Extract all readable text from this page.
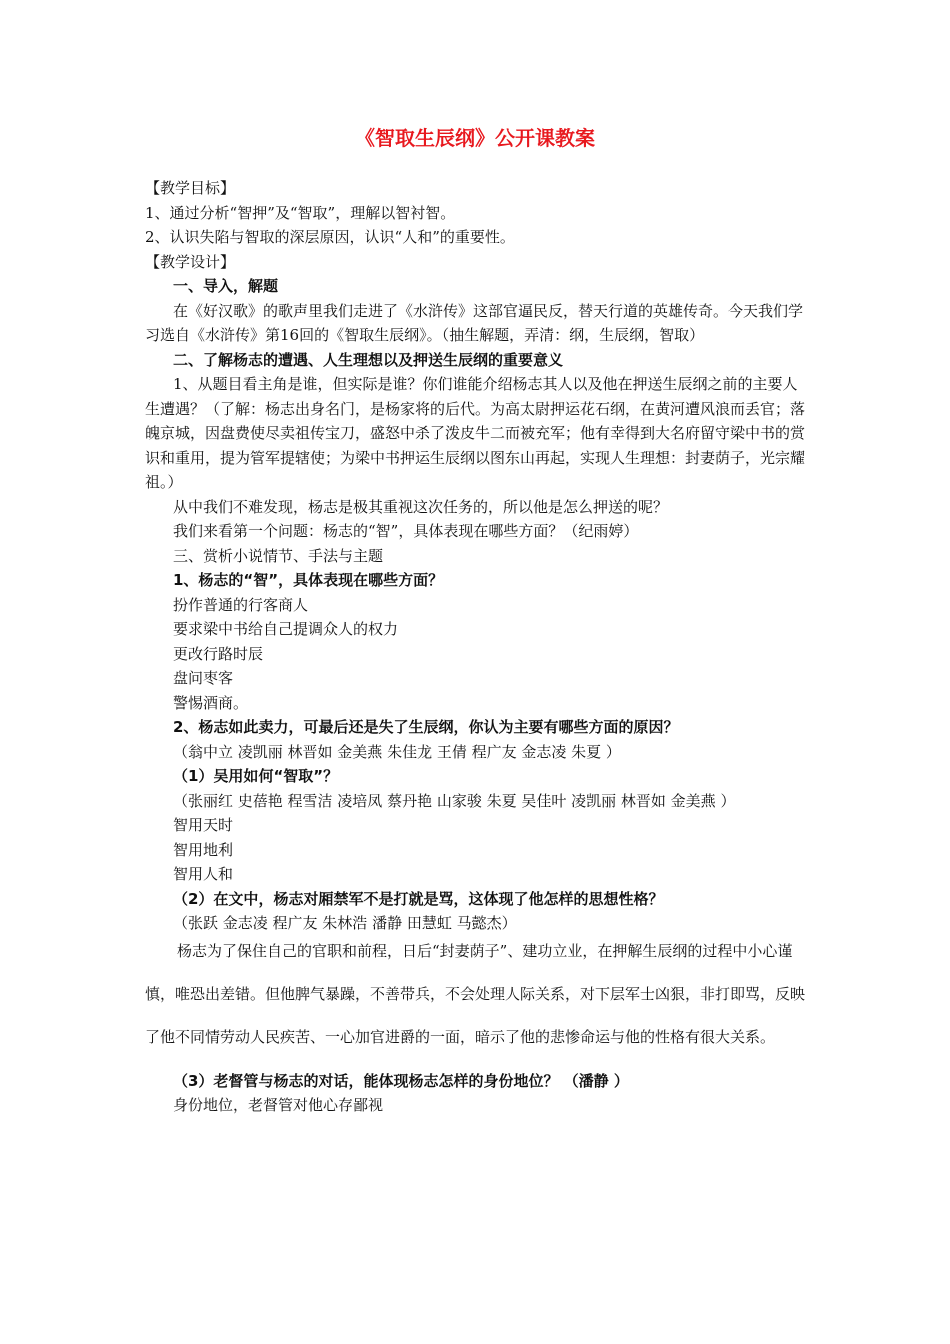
《智取生辰纲》公开课教案
【教学目标】
1、通过分析“智押”及“智取”，理解以智衬智。
2、认识失陷与智取的深层原因，认识“人和”的重要性。
【教学设计】
一、导入，解题
在《好汉歌》的歌声里我们走进了《水浒传》这部官逼民反，替天行道的英雄传奇。今天我们学习选自《水浒传》第16回的《智取生辰纲》。（抽生解题，弄清：纲，生辰纲，智取）
二、了解杨志的遭遇、人生理想以及押送生辰纲的重要意义
1、从题目看主角是谁，但实际是谁？你们谁能介绍杨志其人以及他在押送生辰纲之前的主要人生遭遇？（了解：杨志出身名门，是杨家将的后代。为高太尉押运花石纲，在黄河遭风浪而丢官；落魄京城，因盘费使尽卖祖传宝刀，盛怒中杀了泼皮牛二而被充军；他有幸得到大名府留守梁中书的赏识和重用，提为管军提辖使；为梁中书押运生辰纲以图东山再起，实现人生理想：封妻荫子，光宗耀祖。）
从中我们不难发现，杨志是极其重视这次任务的，所以他是怎么押送的呢？
我们来看第一个问题：杨志的“智”，具体表现在哪些方面？（纪雨婷）
三、赏析小说情节、手法与主题
1、杨志的“智”，具体表现在哪些方面？
扮作普通的行客商人
要求梁中书给自己提调众人的权力
更改行路时辰
盘问枣客
警惕酒商。
2、杨志如此卖力，可最后还是失了生辰纲，你认为主要有哪些方面的原因？
（翁中立 凌凯丽 林晋如 金美燕 朱佳龙 王倩 程广友 金志凌 朱夏 ）
（1）吴用如何“智取”？
（张丽红 史蓓艳 程雪洁 凌培凤 蔡丹艳 山家骏 朱夏 吴佳叶 凌凯丽 林晋如 金美燕 ）
智用天时
智用地利
智用人和
（2）在文中，杨志对厢禁军不是打就是骂，这体现了他怎样的思想性格？
（张跃 金志凌 程广友 朱林浩 潘静 田慧虹 马懿杰）
杨志为了保住自己的官职和前程，日后“封妻荫子”、建功立业，在押解生辰纲的过程中小心谨慎，唯恐出差错。但他脾气暴躁，不善带兵，不会处理人际关系，对下层军士凶狠，非打即骂，反映了他不同情劳动人民疾苦、一心加官进爵的一面，暗示了他的悲惨命运与他的性格有很大关系。
（3）老督管与杨志的对话，能体现杨志怎样的身份地位？ （潘静 ）
身份地位，老督管对他心存鄙视
